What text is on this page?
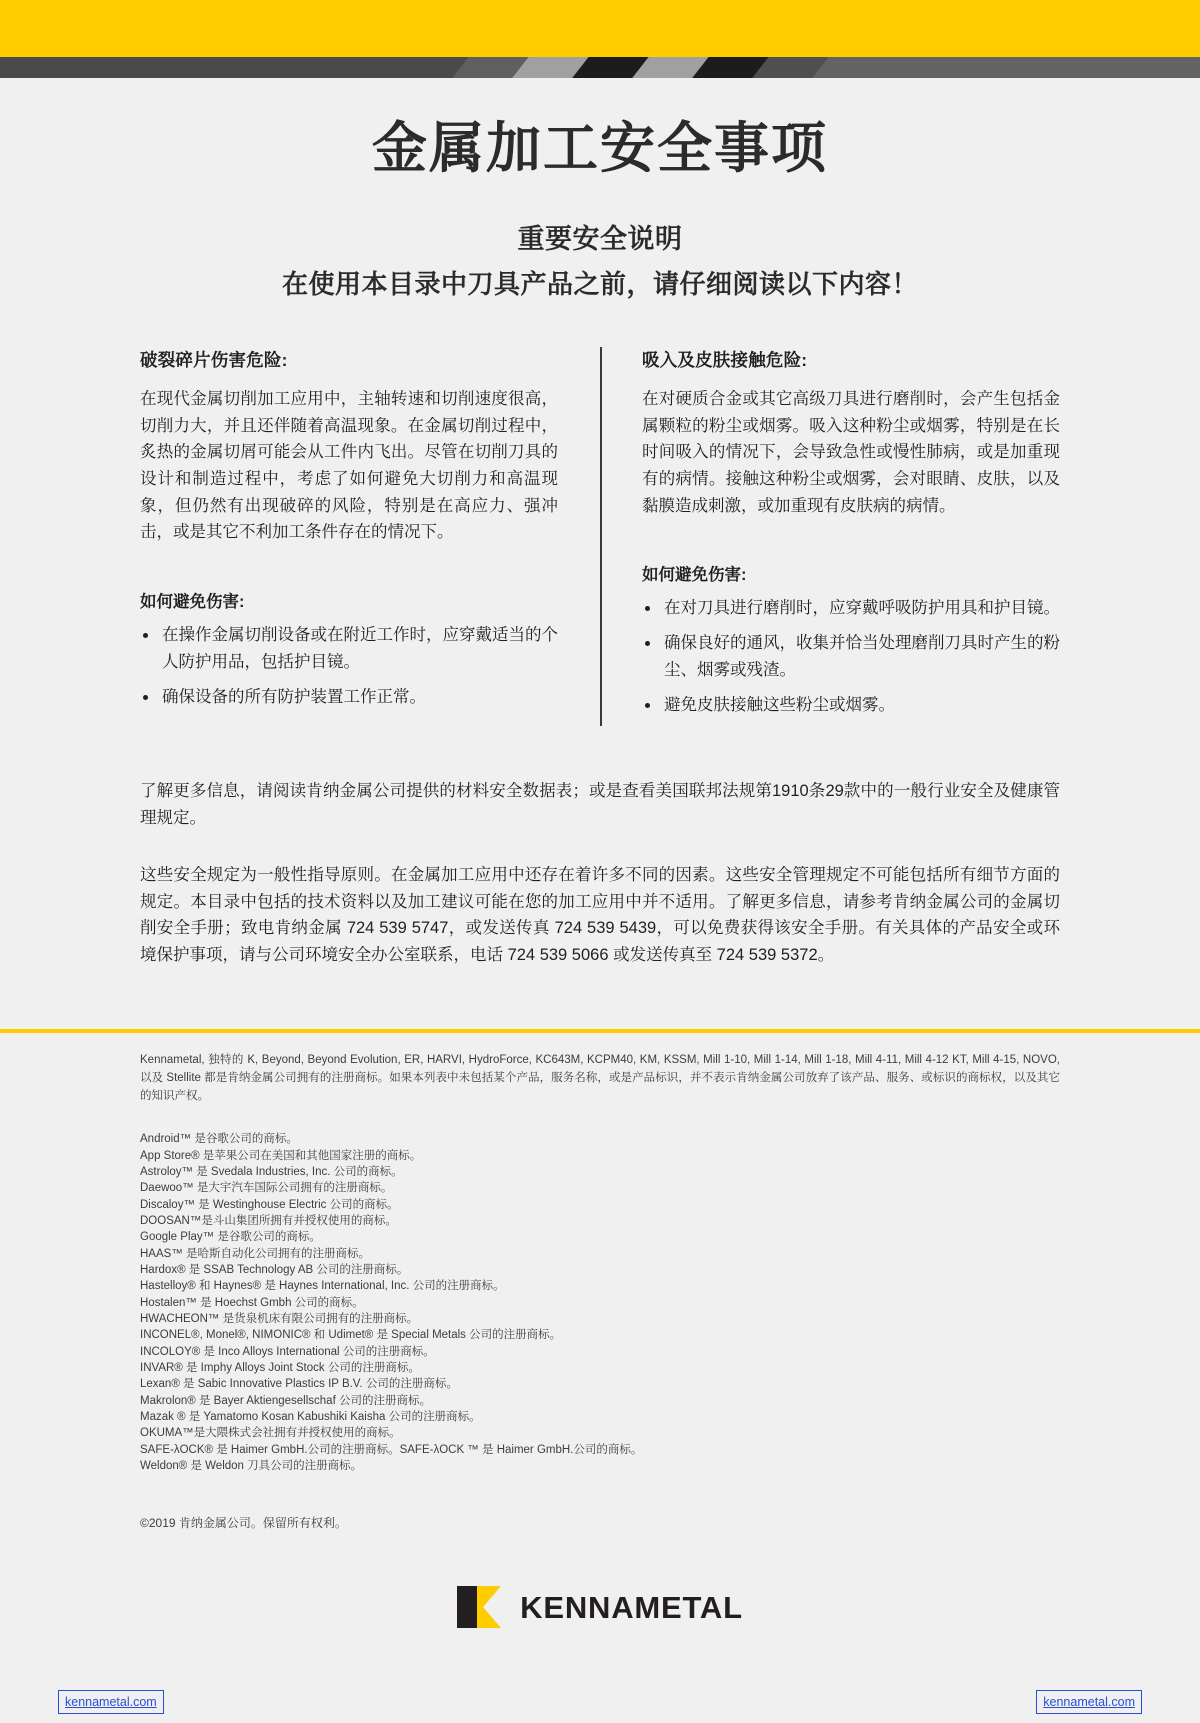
金属加工安全事项
重要安全说明
在使用本目录中刀具产品之前，请仔细阅读以下内容！
破裂碎片伤害危险:

在现代金属切削加工应用中，主轴转速和切削速度很高，切削力大，并且还伴随着高温现象。在金属切削过程中，炙热的金属切屑可能会从工件内飞出。尽管在切削刀具的设计和制造过程中，考虑了如何避免大切削力和高温现象，但仍然有出现破碎的风险，特别是在高应力、强冲击，或是其它不利加工条件存在的情况下。

如何避免伤害:
在操作金属切削设备或在附近工作时，应穿戴适当的个人防护用品，包括护目镜。
确保设备的所有防护装置工作正常。
吸入及皮肤接触危险:

在对硬质合金或其它高级刀具进行磨削时，会产生包括金属颗粒的粉尘或烟雾。吸入这种粉尘或烟雾，特别是在长时间吸入的情况下，会导致急性或慢性肺病，或是加重现有的病情。接触这种粉尘或烟雾，会对眼睛、皮肤，以及黏膜造成刺激，或加重现有皮肤病的病情。

如何避免伤害:
在对刀具进行磨削时，应穿戴呼吸防护用具和护目镜。
确保良好的通风，收集并恰当处理磨削刀具时产生的粉尘、烟雾或残渣。
避免皮肤接触这些粉尘或烟雾。

了解更多信息，请阅读肯纳金属公司提供的材料安全数据表；或是查看美国联邦法规第1910条29款中的一般行业安全及健康管理规定。

这些安全规定为一般性指导原则。在金属加工应用中还存在着许多不同的因素。这些安全管理规定不可能包括所有细节方面的规定。本目录中包括的技术资料以及加工建议可能在您的加工应用中并不适用。了解更多信息，请参考肯纳金属公司的金属切削安全手册；致电肯纳金属 724 539 5747，或发送传真 724 539 5439，可以免费获得该安全手册。有关具体的产品安全或环境保护事项，请与公司环境安全办公室联系，电话 724 539 5066 或发送传真至 724 539 5372。

Kennametal, 独特的 K, Beyond, Beyond Evolution, ER, HARVI, HydroForce, KC643M, KCPM40, KM, KSSM, Mill 1-10, Mill 1-14, Mill 1-18, Mill 4-11, Mill 4-12 KT, Mill 4-15, NOVO, 以及 Stellite 都是肯纳金属公司拥有的注册商标。如果本列表中未包括某个产品，服务名称，或是产品标识，并不表示肯纳金属公司放弃了该产品、服务、或标识的商标权，以及其它的知识产权。

Android™ 是谷歌公司的商标。
App Store® 是苹果公司在美国和其他国家注册的商标。
Astroloy™ 是 Svedala Industries, Inc. 公司的商标。
Daewoo™ 是大宇汽车国际公司拥有的注册商标。
Discaloy™ 是 Westinghouse Electric 公司的商标。
DOOSAN™是斗山集团所拥有并授权使用的商标。
Google Play™ 是谷歌公司的商标。
HAAS™ 是哈斯自动化公司拥有的注册商标。
Hardox® 是 SSAB Technology AB 公司的注册商标。
Hastelloy® 和 Haynes® 是 Haynes International, Inc. 公司的注册商标。
Hostalen™ 是 Hoechst Gmbh 公司的商标。
HWACHEON™ 是货泉机床有限公司拥有的注册商标。
INCONEL®, Monel®, NIMONIC® 和 Udimet® 是 Special Metals 公司的注册商标。
INCOLOY® 是 Inco Alloys International 公司的注册商标。
INVAR® 是 Imphy Alloys Joint Stock 公司的注册商标。
Lexan® 是 Sabic Innovative Plastics IP B.V. 公司的注册商标。
Makrolon® 是 Bayer Aktiengesellschaf 公司的注册商标。
Mazak ® 是 Yamatomo Kosan Kabushiki Kaisha 公司的注册商标。
OKUMA™是大隈株式会社拥有并授权使用的商标。
SAFE-λOCK® 是 Haimer GmbH.公司的注册商标。SAFE-λOCK ™ 是 Haimer GmbH.公司的商标。
Weldon® 是 Weldon 刀具公司的注册商标。

©2019 肯纳金属公司。保留所有权利。

KENNAMETAL
kennametal.com	kennametal.com
